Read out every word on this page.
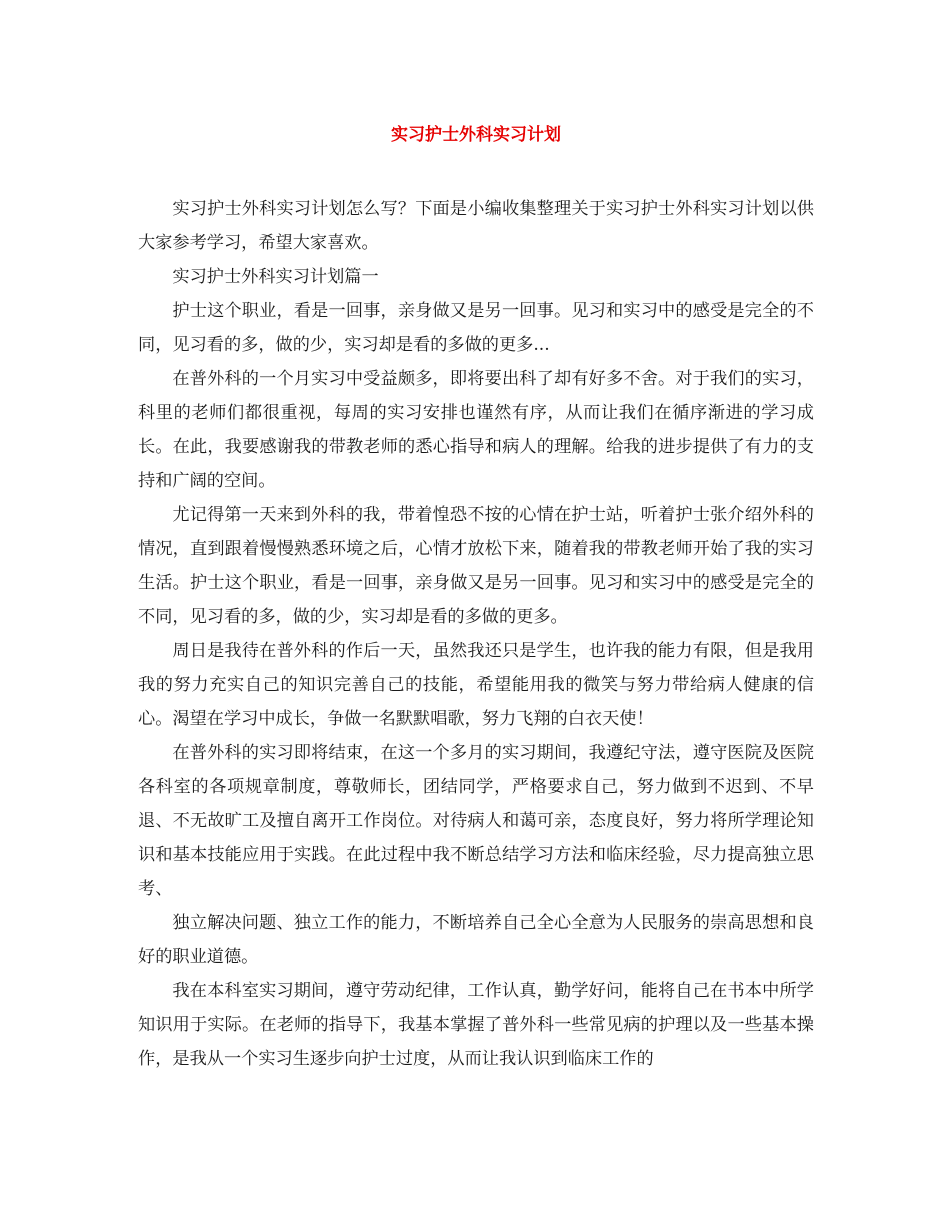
实习护士外科实习计划

实习护士外科实习计划怎么写？下面是小编收集整理关于实习护士外科实习计划以供大家参考学习，希望大家喜欢。

实习护士外科实习计划篇一

护士这个职业，看是一回事，亲身做又是另一回事。见习和实习中的感受是完全的不同，见习看的多，做的少，实习却是看的多做的更多...

在普外科的一个月实习中受益颇多，即将要出科了却有好多不舍。对于我们的实习，科里的老师们都很重视，每周的实习安排也谨然有序，从而让我们在循序渐进的学习成长。在此，我要感谢我的带教老师的悉心指导和病人的理解。给我的进步提供了有力的支持和广阔的空间。

尤记得第一天来到外科的我，带着惶恐不按的心情在护士站，听着护士张介绍外科的情况，直到跟着慢慢熟悉环境之后，心情才放松下来，随着我的带教老师开始了我的实习生活。护士这个职业，看是一回事，亲身做又是另一回事。见习和实习中的感受是完全的不同，见习看的多，做的少，实习却是看的多做的更多。

周日是我待在普外科的作后一天，虽然我还只是学生，也许我的能力有限，但是我用我的努力充实自己的知识完善自己的技能，希望能用我的微笑与努力带给病人健康的信心。渴望在学习中成长，争做一名默默唱歌，努力飞翔的白衣天使！

在普外科的实习即将结束，在这一个多月的实习期间，我遵纪守法，遵守医院及医院各科室的各项规章制度，尊敬师长，团结同学，严格要求自己，努力做到不迟到、不早退、不无故旷工及擅自离开工作岗位。对待病人和蔼可亲，态度良好，努力将所学理论知识和基本技能应用于实践。在此过程中我不断总结学习方法和临床经验，尽力提高独立思考、

独立解决问题、独立工作的能力，不断培养自己全心全意为人民服务的崇高思想和良好的职业道德。

我在本科室实习期间，遵守劳动纪律，工作认真，勤学好问，能将自己在书本中所学知识用于实际。在老师的指导下，我基本掌握了普外科一些常见病的护理以及一些基本操作，是我从一个实习生逐步向护士过度，从而让我认识到临床工作的
